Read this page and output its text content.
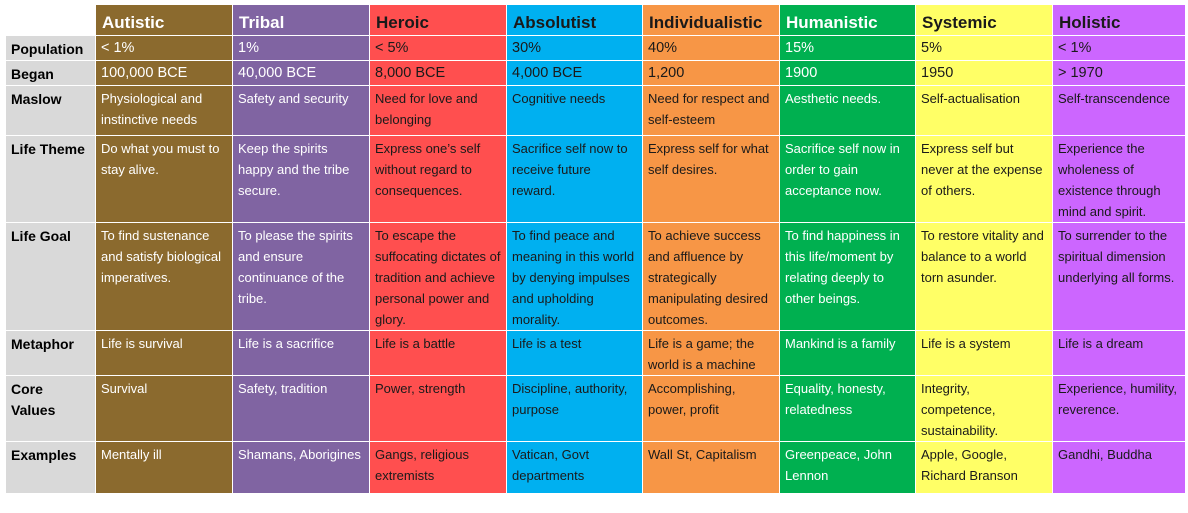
	Autistic	Tribal	Heroic	Absolutist	Individualistic	Humanistic	Systemic	Holistic
Population	< 1%	1%	< 5%	30%	40%	15%	5%	< 1%
Began	100,000 BCE	40,000 BCE	8,000 BCE	4,000 BCE	1,200	1900	1950	> 1970
Maslow	Physiological and instinctive needs	Safety and security	Need for love and belonging	Cognitive needs	Need for respect and self-esteem	Aesthetic needs.	Self-actualisation	Self-transcendence
Life Theme	Do what you must to stay alive.	Keep the spirits happy and the tribe secure.	Express one’s self without regard to consequences.	Sacrifice self now to receive future reward.	Express self for what self desires.	Sacrifice self now in order to gain acceptance now.	Express self but never at the expense of others.	Experience the wholeness of existence through mind and spirit.
Life Goal	To find sustenance and satisfy biological imperatives.	To please the spirits and ensure continuance of the tribe.	To escape the suffocating dictates of tradition and achieve personal power and glory.	To find peace and meaning in this world by denying impulses and upholding morality.	To achieve success and affluence by strategically manipulating desired outcomes.	To find happiness in this life/moment by relating deeply to other beings.	To restore vitality and balance to a world torn asunder.	To surrender to the spiritual dimension underlying all forms.
Metaphor	Life is survival	Life is a sacrifice	Life is a battle	Life is a test	Life is a game; the world is a machine	Mankind is a family	Life is a system	Life is a dream
Core Values	Survival	Safety, tradition	Power, strength	Discipline, authority, purpose	Accomplishing, power, profit	Equality, honesty, relatedness	Integrity, competence, sustainability.	Experience, humility, reverence.
Examples	Mentally ill	Shamans, Aborigines	Gangs, religious extremists	Vatican, Govt departments	Wall St, Capitalism	Greenpeace, John Lennon	Apple, Google, Richard Branson	Gandhi, Buddha
